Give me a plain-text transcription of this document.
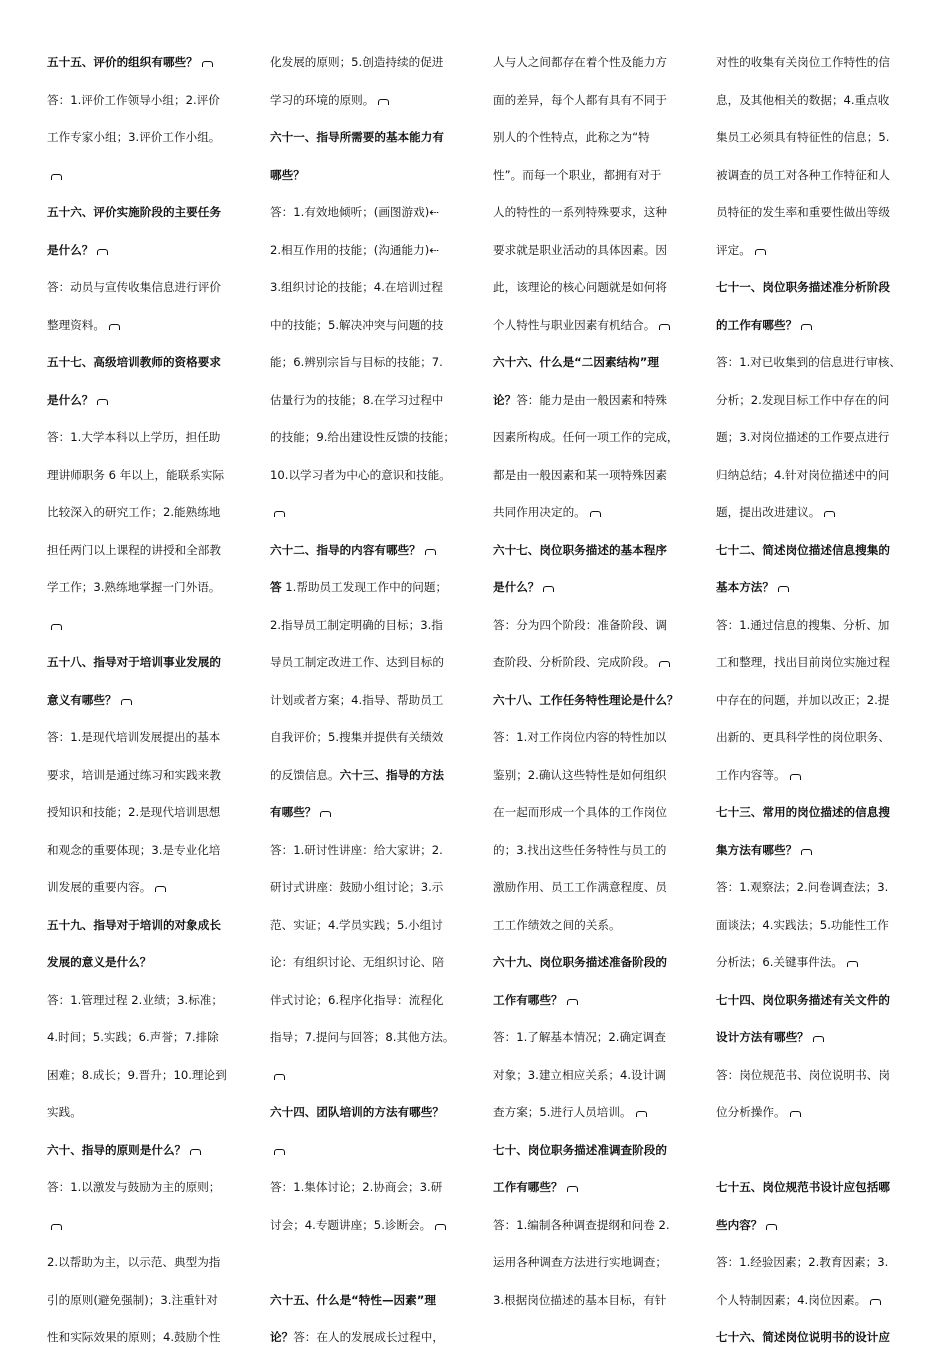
五十五、评价的组织有哪些？
答：1.评价工作领导小组；2.评价
工作专家小组；3.评价工作小组。

五十六、评价实施阶段的主要任务
是什么？
答：动员与宣传收集信息进行评价
整理资料。
五十七、高级培训教师的资格要求
是什么？
答：1.大学本科以上学历，担任助
理讲师职务 6 年以上，能联系实际
比较深入的研究工作；2.能熟练地
担任两门以上课程的讲授和全部教
学工作；3.熟练地掌握一门外语。

五十八、指导对于培训事业发展的
意义有哪些？
答：1.是现代培训发展提出的基本
要求，培训是通过练习和实践来教
授知识和技能；2.是现代培训思想
和观念的重要体现；3.是专业化培
训发展的重要内容。
五十九、指导对于培训的对象成长
发展的意义是什么？
答：1.管理过程 2.业绩；3.标准；
4.时间；5.实践；6.声誉；7.排除
困难；8.成长；9.晋升；10.理论到
实践。
六十、指导的原则是什么？
答：1.以激发与鼓励为主的原则；

2.以帮助为主，以示范、典型为指
引的原则(避免强制)；3.注重针对
性和实际效果的原则；4.鼓励个性
化发展的原则；5.创造持续的促进
学习的环境的原则。
六十一、指导所需要的基本能力有
哪些？
答：1.有效地倾听；(画图游戏)⇠
2.相互作用的技能；(沟通能力)⇠
3.组织讨论的技能；4.在培训过程
中的技能；5.解决冲突与问题的技
能；6.辨别宗旨与目标的技能；7.
估量行为的技能；8.在学习过程中
的技能；9.给出建设性反馈的技能；
10.以学习者为中心的意识和技能。

六十二、指导的内容有哪些？
答 1.帮助员工发现工作中的问题；
2.指导员工制定明确的目标；3.指
导员工制定改进工作、达到目标的
计划或者方案；4.指导、帮助员工
自我评价；5.搜集并提供有关绩效
的反馈信息。六十三、指导的方法
有哪些？
答：1.研讨性讲座：给大家讲；2.
研讨式讲座：鼓励小组讨论；3.示
范、实证；4.学员实践；5.小组讨
论：有组织讨论、无组织讨论、陪
伴式讨论；6.程序化指导：流程化
指导；7.提问与回答；8.其他方法。

六十四、团队培训的方法有哪些？

答：1.集体讨论；2.协商会；3.研
讨会；4.专题讲座；5.诊断会。

六十五、什么是“特性—因素”理
论？答：在人的发展成长过程中，
人与人之间都存在着个性及能力方
面的差异，每个人都有具有不同于
别人的个性特点，此称之为“特
性”。而每一个职业，都拥有对于
人的特性的一系列特殊要求，这种
要求就是职业活动的具体因素。因
此，该理论的核心问题就是如何将
个人特性与职业因素有机结合。
六十六、什么是“二因素结构”理
论？答：能力是由一般因素和特殊
因素所构成。任何一项工作的完成，
都是由一般因素和某一项特殊因素
共同作用决定的。
六十七、岗位职务描述的基本程序
是什么？
答：分为四个阶段：准备阶段、调
查阶段、分析阶段、完成阶段。
六十八、工作任务特性理论是什么？
答：1.对工作岗位内容的特性加以
鉴别；2.确认这些特性是如何组织
在一起而形成一个具体的工作岗位
的；3.找出这些任务特性与员工的
激励作用、员工工作满意程度、员
工工作绩效之间的关系。
六十九、岗位职务描述准备阶段的
工作有哪些？
答：1.了解基本情况；2.确定调查
对象；3.建立相应关系；4.设计调
查方案；5.进行人员培训。
七十、岗位职务描述准调查阶段的
工作有哪些？
答：1.编制各种调查提纲和问卷 2.
运用各种调查方法进行实地调查；
3.根据岗位描述的基本目标，有针
对性的收集有关岗位工作特性的信
息，及其他相关的数据；4.重点收
集员工必须具有特征性的信息；5.
被调查的员工对各种工作特征和人
员特征的发生率和重要性做出等级
评定。
七十一、岗位职务描述准分析阶段
的工作有哪些？
答：1.对已收集到的信息进行审核、
分析；2.发现目标工作中存在的问
题；3.对岗位描述的工作要点进行
归纳总结；4.针对岗位描述中的问
题，提出改进建议。
七十二、简述岗位描述信息搜集的
基本方法？
答：1.通过信息的搜集、分析、加
工和整理，找出目前岗位实施过程
中存在的问题，并加以改正；2.提
出新的、更具科学性的岗位职务、
工作内容等。
七十三、常用的岗位描述的信息搜
集方法有哪些？
答：1.观察法；2.问卷调查法；3.
面谈法；4.实践法；5.功能性工作
分析法；6.关键事件法。
七十四、岗位职务描述有关文件的
设计方法有哪些？
答：岗位规范书、岗位说明书、岗
位分析操作。

七十五、岗位规范书设计应包括哪
些内容？
答：1.经验因素；2.教育因素；3.
个人特制因素；4.岗位因素。
七十六、简述岗位说明书的设计应
